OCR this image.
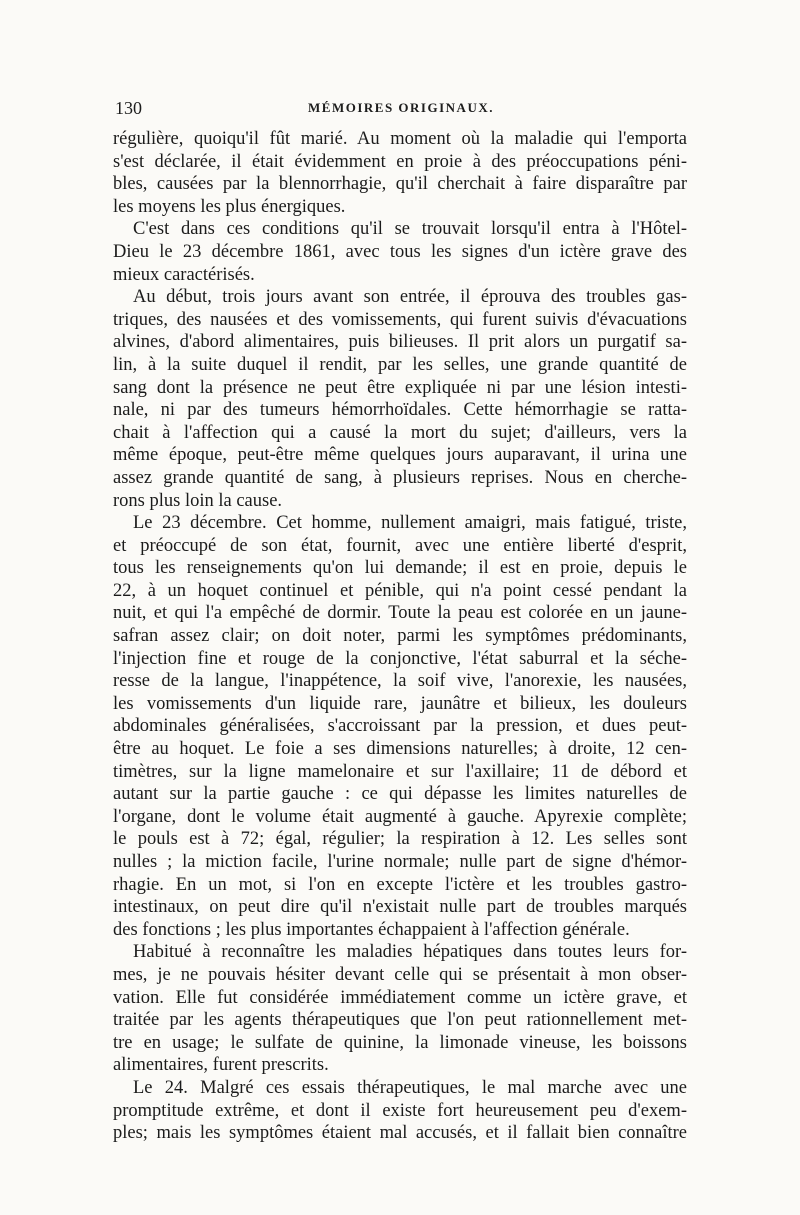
130	MÉMOIRES ORIGINAUX.
régulière, quoiqu'il fût marié. Au moment où la maladie qui l'emporta
s'est déclarée, il était évidemment en proie à des préoccupations péni-
bles, causées par la blennorrhagie, qu'il cherchait à faire disparaître par
les moyens les plus énergiques.
C'est dans ces conditions qu'il se trouvait lorsqu'il entra à l'Hôtel-
Dieu le 23 décembre 1861, avec tous les signes d'un ictère grave des
mieux caractérisés.
Au début, trois jours avant son entrée, il éprouva des troubles gas-
triques, des nausées et des vomissements, qui furent suivis d'évacuations
alvines, d'abord alimentaires, puis bilieuses. Il prit alors un purgatif sa-
lin, à la suite duquel il rendit, par les selles, une grande quantité de
sang dont la présence ne peut être expliquée ni par une lésion intesti-
nale, ni par des tumeurs hémorrhoïdales. Cette hémorrhagie se ratta-
chait à l'affection qui a causé la mort du sujet; d'ailleurs, vers la
même époque, peut-être même quelques jours auparavant, il urina une
assez grande quantité de sang, à plusieurs reprises. Nous en cherche-
rons plus loin la cause.
Le 23 décembre. Cet homme, nullement amaigri, mais fatigué, triste,
et préoccupé de son état, fournit, avec une entière liberté d'esprit,
tous les renseignements qu'on lui demande; il est en proie, depuis le
22, à un hoquet continuel et pénible, qui n'a point cessé pendant la
nuit, et qui l'a empêché de dormir. Toute la peau est colorée en un jaune-
safran assez clair; on doit noter, parmi les symptômes prédominants,
l'injection fine et rouge de la conjonctive, l'état saburral et la séche-
resse de la langue, l'inappétence, la soif vive, l'anorexie, les nausées,
les vomissements d'un liquide rare, jaunâtre et bilieux, les douleurs
abdominales généralisées, s'accroissant par la pression, et dues peut-
être au hoquet. Le foie a ses dimensions naturelles; à droite, 12 cen-
timètres, sur la ligne mamelonaire et sur l'axillaire; 11 de débord et
autant sur la partie gauche : ce qui dépasse les limites naturelles de
l'organe, dont le volume était augmenté à gauche. Apyrexie complète;
le pouls est à 72; égal, régulier; la respiration à 12. Les selles sont
nulles ; la miction facile, l'urine normale; nulle part de signe d'hémor-
rhagie. En un mot, si l'on en excepte l'ictère et les troubles gastro-
intestinaux, on peut dire qu'il n'existait nulle part de troubles marqués
des fonctions ; les plus importantes échappaient à l'affection générale.
Habitué à reconnaître les maladies hépatiques dans toutes leurs for-
mes, je ne pouvais hésiter devant celle qui se présentait à mon obser-
vation. Elle fut considérée immédiatement comme un ictère grave, et
traitée par les agents thérapeutiques que l'on peut rationnellement met-
tre en usage; le sulfate de quinine, la limonade vineuse, les boissons
alimentaires, furent prescrits.
Le 24. Malgré ces essais thérapeutiques, le mal marche avec une
promptitude extrême, et dont il existe fort heureusement peu d'exem-
ples; mais les symptômes étaient mal accusés, et il fallait bien connaître
